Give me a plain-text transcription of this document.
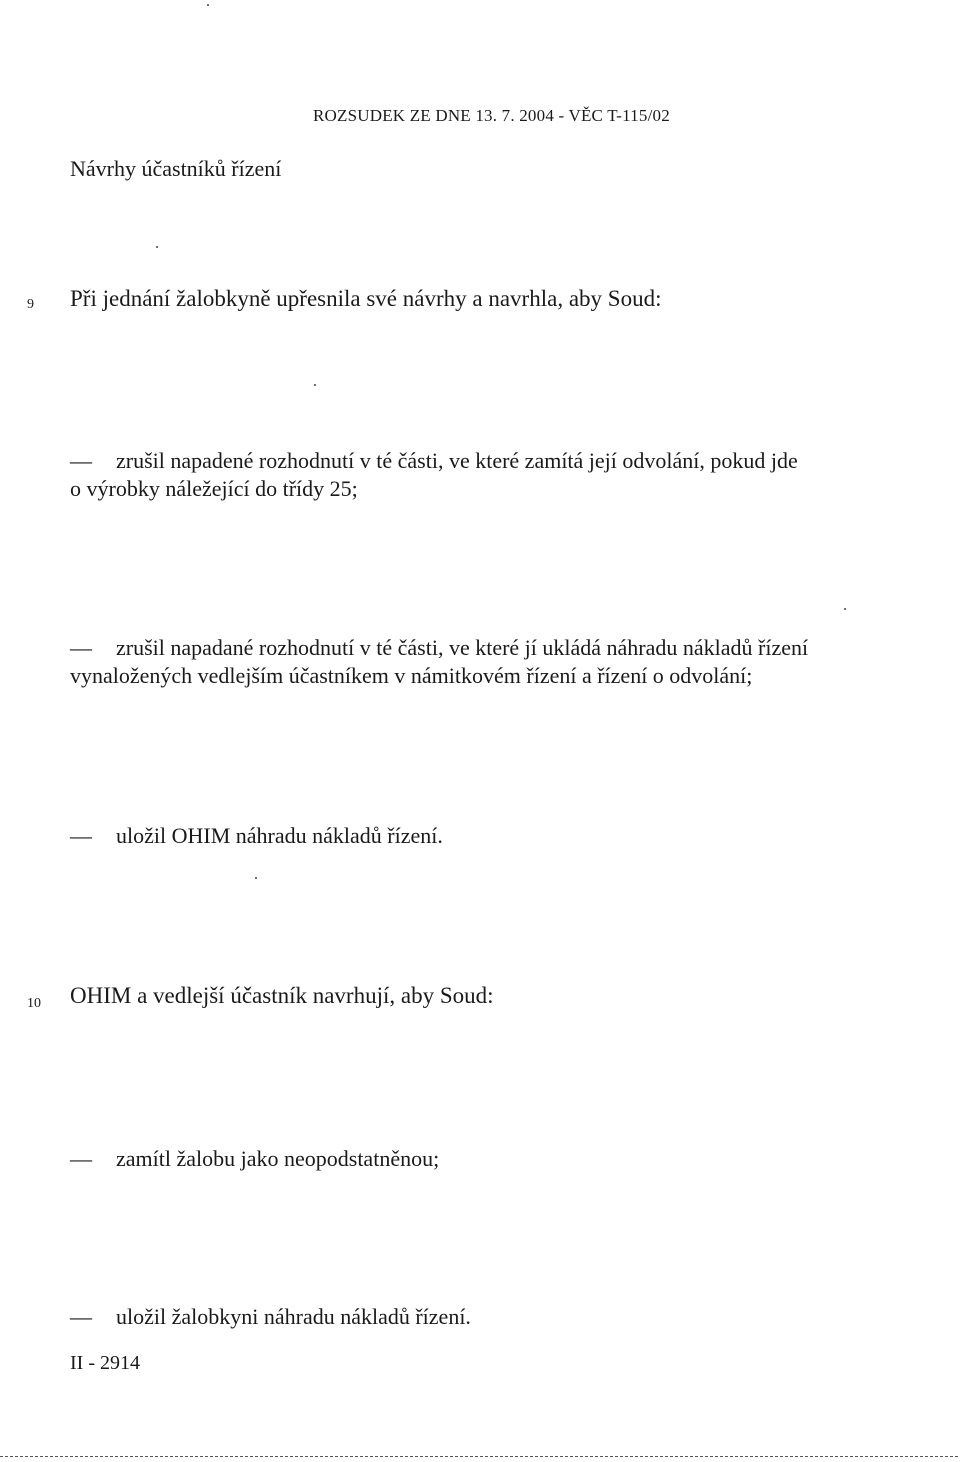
ROZSUDEK ZE DNE 13. 7. 2004 - VĚC T-115/02
Návrhy účastníků řízení
9 Při jednání žalobkyně upřesnila své návrhy a navrhla, aby Soud:
— zrušil napadené rozhodnutí v té části, ve které zamítá její odvolání, pokud jde
o výrobky náležející do třídy 25;
— zrušil napadané rozhodnutí v té části, ve které jí ukládá náhradu nákladů řízení
vynaložených vedlejším účastníkem v námitkovém řízení a řízení o odvolání;
— uložil OHIM náhradu nákladů řízení.
10 OHIM a vedlejší účastník navrhují, aby Soud:
— zamítl žalobu jako neopodstatněnou;
— uložil žalobkyni náhradu nákladů řízení.
II - 2914
